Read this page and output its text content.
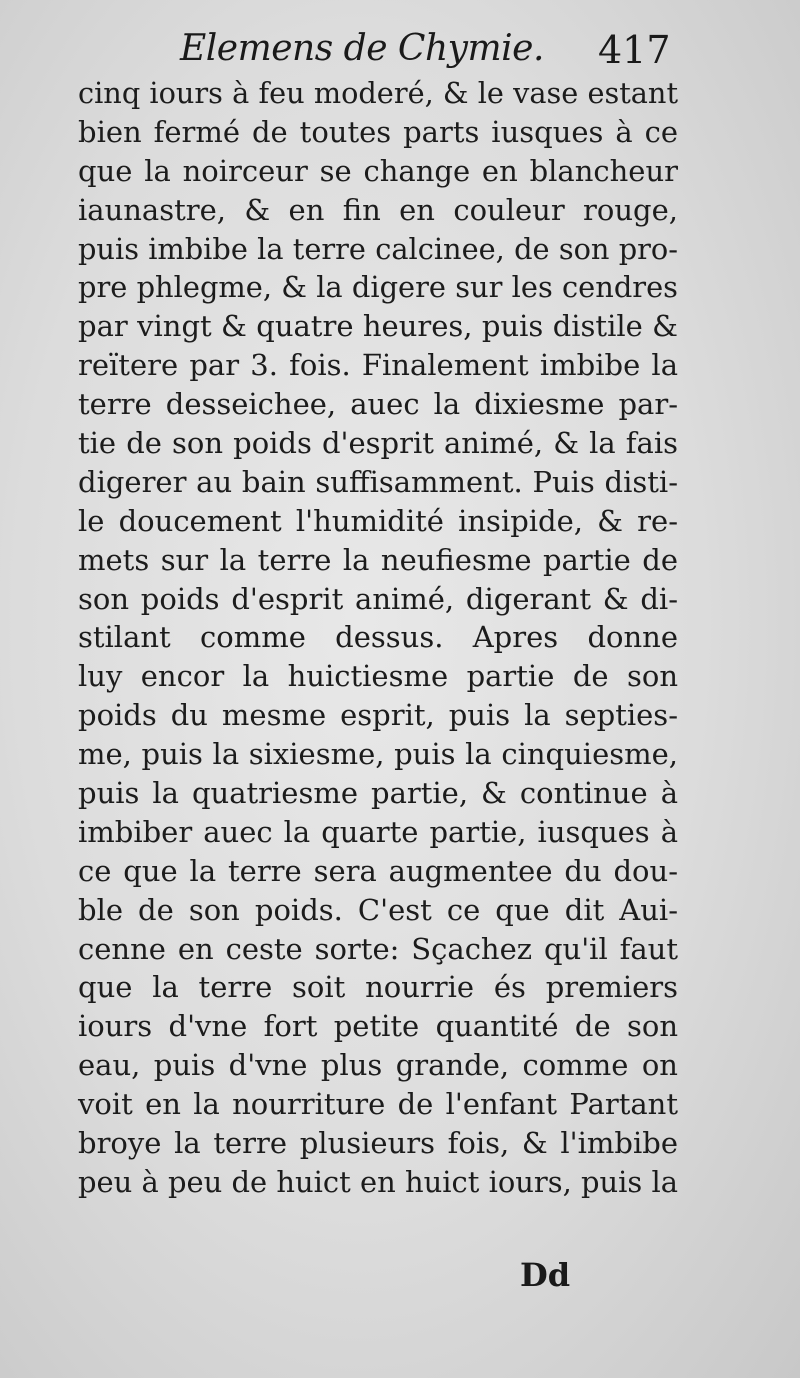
Elemens de Chymie. 417
cinq iours à feu moderé, & le vase estant
bien fermé de toutes parts iusques à ce
que la noirceur se change en blancheur
iaunastre, & en fin en couleur rouge,
puis imbibe la terre calcinee, de son pro-
pre phlegme, & la digere sur les cendres
par vingt & quatre heures, puis distile &
reïtere par 3. fois. Finalement imbibe la
terre desseichee, auec la dixiesme par-
tie de son poids d'esprit animé, & la fais
digerer au bain suffisamment. Puis disti-
le doucement l'humidité insipide, & re-
mets sur la terre la neufiesme partie de
son poids d'esprit animé, digerant & di-
stilant comme dessus. Apres donne
luy encor la huictiesme partie de son
poids du mesme esprit, puis la septies-
me, puis la sixiesme, puis la cinquiesme,
puis la quatriesme partie, & continue à
imbiber auec la quarte partie, iusques à
ce que la terre sera augmentee du dou-
ble de son poids. C'est ce que dit Aui-
cenne en ceste sorte: Sçachez qu'il faut
que la terre soit nourrie és premiers
iours d'vne fort petite quantité de son
eau, puis d'vne plus grande, comme on
voit en la nourriture de l'enfant Partant
broye la terre plusieurs fois, & l'imbibe
peu à peu de huict en huict iours, puis la
Dd
